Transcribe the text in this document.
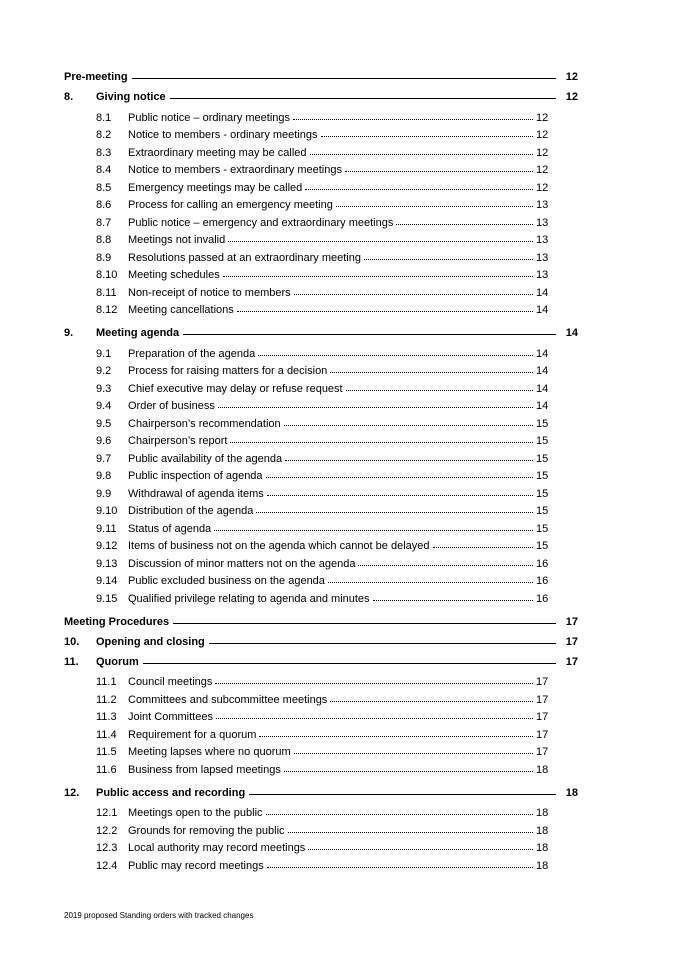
Pre-meeting	12
8.	Giving notice	12
8.1	Public notice – ordinary meetings	12
8.2	Notice to members - ordinary meetings	12
8.3	Extraordinary meeting may be called	12
8.4	Notice to members - extraordinary meetings	12
8.5	Emergency meetings may be called	12
8.6	Process for calling an emergency meeting	13
8.7	Public notice – emergency and extraordinary meetings	13
8.8	Meetings not invalid	13
8.9	Resolutions passed at an extraordinary meeting	13
8.10 Meeting schedules	13
8.11	Non-receipt of notice to members	14
8.12 Meeting cancellations	14
9.	Meeting agenda	14
9.1	Preparation of the agenda	14
9.2	Process for raising matters for a decision	14
9.3	Chief executive may delay or refuse request	14
9.4	Order of business	14
9.5	Chairperson’s recommendation	15
9.6	Chairperson’s report	15
9.7	Public availability of the agenda	15
9.8	Public inspection of agenda	15
9.9	Withdrawal of agenda items	15
9.10 Distribution of the agenda	15
9.11	Status of agenda	15
9.12 Items of business not on the agenda which cannot be delayed	15
9.13 Discussion of minor matters not on the agenda	16
9.14 Public excluded business on the agenda	16
9.15 Qualified privilege relating to agenda and minutes	16
Meeting Procedures	17
10.	Opening and closing	17
11.	Quorum	17
11.1	Council meetings	17
11.2	Committees and subcommittee meetings	17
11.3	Joint Committees	17
11.4	Requirement for a quorum	17
11.5	Meeting lapses where no quorum	17
11.6	Business from lapsed meetings	18
12.	Public access and recording	18
12.1 Meetings open to the public	18
12.2 Grounds for removing the public	18
12.3 Local authority may record meetings	18
12.4 Public may record meetings	18
2019 proposed Standing orders with tracked changes
